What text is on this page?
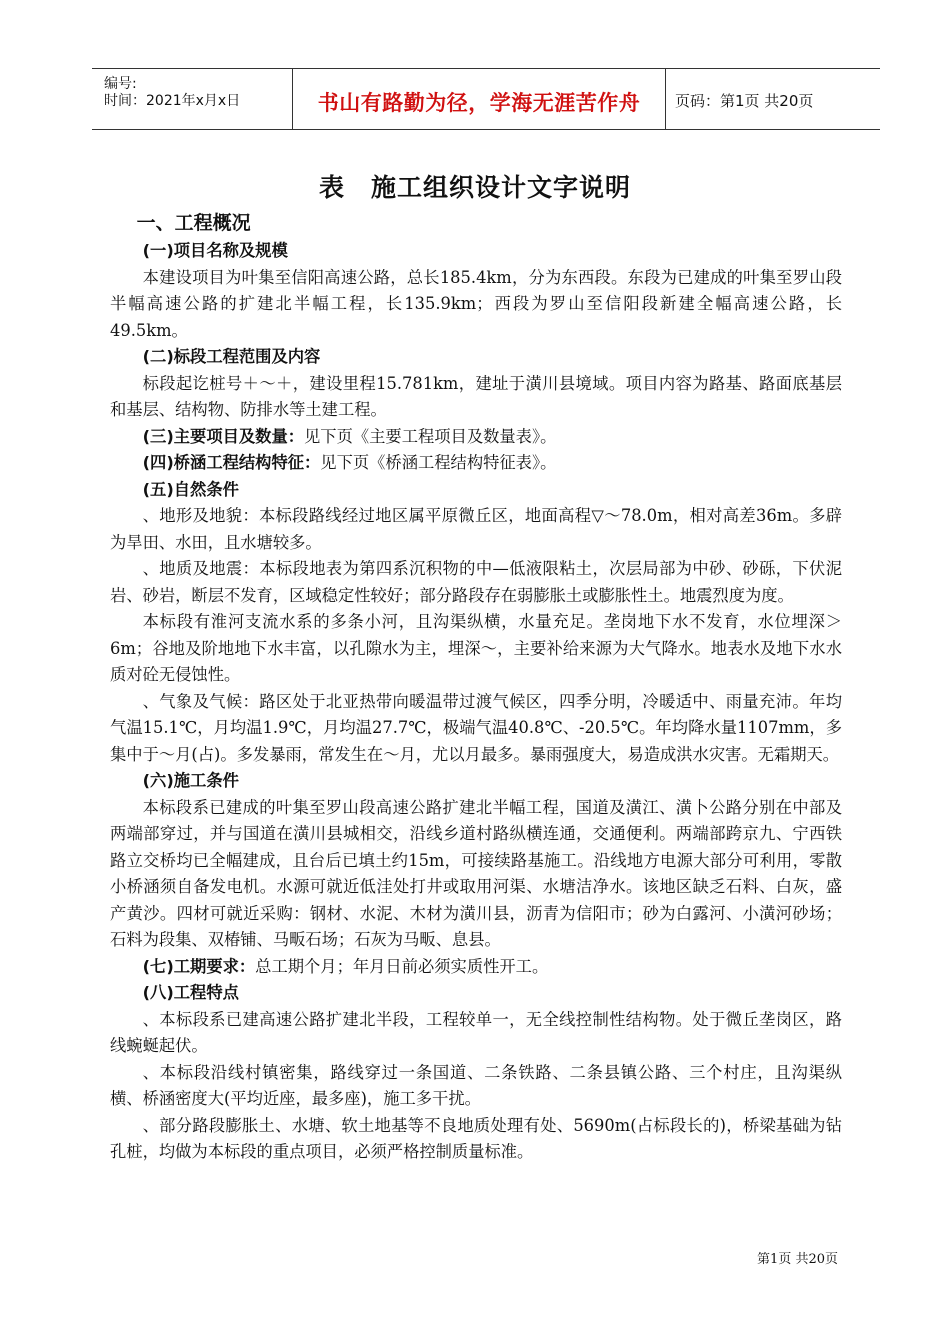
编号:
时间：2021年x月x日	书山有路勤为径，学海无涯苦作舟	页码：第1页 共20页
表　施工组织设计文字说明

一、工程概况

(一)项目名称及规模

本建设项目为叶集至信阳高速公路，总长185.4km，分为东西段。东段为已建成的叶集至罗山段半幅高速公路的扩建北半幅工程，长135.9km；西段为罗山至信阳段新建全幅高速公路，长49.5km。

(二)标段工程范围及内容

标段起讫桩号＋～＋，建设里程15.781km，建址于潢川县境域。项目内容为路基、路面底基层和基层、结构物、防排水等土建工程。

(三)主要项目及数量：见下页《主要工程项目及数量表》。

(四)桥涵工程结构特征：见下页《桥涵工程结构特征表》。

(五)自然条件

、地形及地貌：本标段路线经过地区属平原微丘区，地面高程▽～78.0m，相对高差36m。多辟为旱田、水田，且水塘较多。

、地质及地震：本标段地表为第四系沉积物的中—低液限粘土，次层局部为中砂、砂砾，下伏泥岩、砂岩，断层不发育，区域稳定性较好；部分路段存在弱膨胀土或膨胀性土。地震烈度为度。

本标段有淮河支流水系的多条小河，且沟渠纵横，水量充足。垄岗地下水不发育，水位埋深＞6m；谷地及阶地地下水丰富，以孔隙水为主，埋深～，主要补给来源为大气降水。地表水及地下水水质对砼无侵蚀性。

、气象及气候：路区处于北亚热带向暖温带过渡气候区，四季分明，冷暖适中、雨量充沛。年均气温15.1℃，月均温1.9℃，月均温27.7℃，极端气温40.8℃、-20.5℃。年均降水量1107mm，多集中于～月(占)。多发暴雨，常发生在～月，尤以月最多。暴雨强度大，易造成洪水灾害。无霜期天。

(六)施工条件

本标段系已建成的叶集至罗山段高速公路扩建北半幅工程，国道及潢江、潢卜公路分别在中部及两端部穿过，并与国道在潢川县城相交，沿线乡道村路纵横连通，交通便利。两端部跨京九、宁西铁路立交桥均已全幅建成，且台后已填土约15m，可接续路基施工。沿线地方电源大部分可利用，零散小桥涵须自备发电机。水源可就近低洼处打井或取用河渠、水塘洁净水。该地区缺乏石料、白灰，盛产黄沙。四材可就近采购：钢材、水泥、木材为潢川县，沥青为信阳市；砂为白露河、小潢河砂场；石料为段集、双椿铺、马畈石场；石灰为马畈、息县。

(七)工期要求：总工期个月；年月日前必须实质性开工。

(八)工程特点

、本标段系已建高速公路扩建北半段，工程较单一，无全线控制性结构物。处于微丘垄岗区，路线蜿蜒起伏。

、本标段沿线村镇密集，路线穿过一条国道、二条铁路、二条县镇公路、三个村庄，且沟渠纵横、桥涵密度大(平均近座，最多座)，施工多干扰。

、部分路段膨胀土、水塘、软土地基等不良地质处理有处、5690m(占标段长的)，桥梁基础为钻孔桩，均做为本标段的重点项目，必须严格控制质量标准。

第1页 共20页
